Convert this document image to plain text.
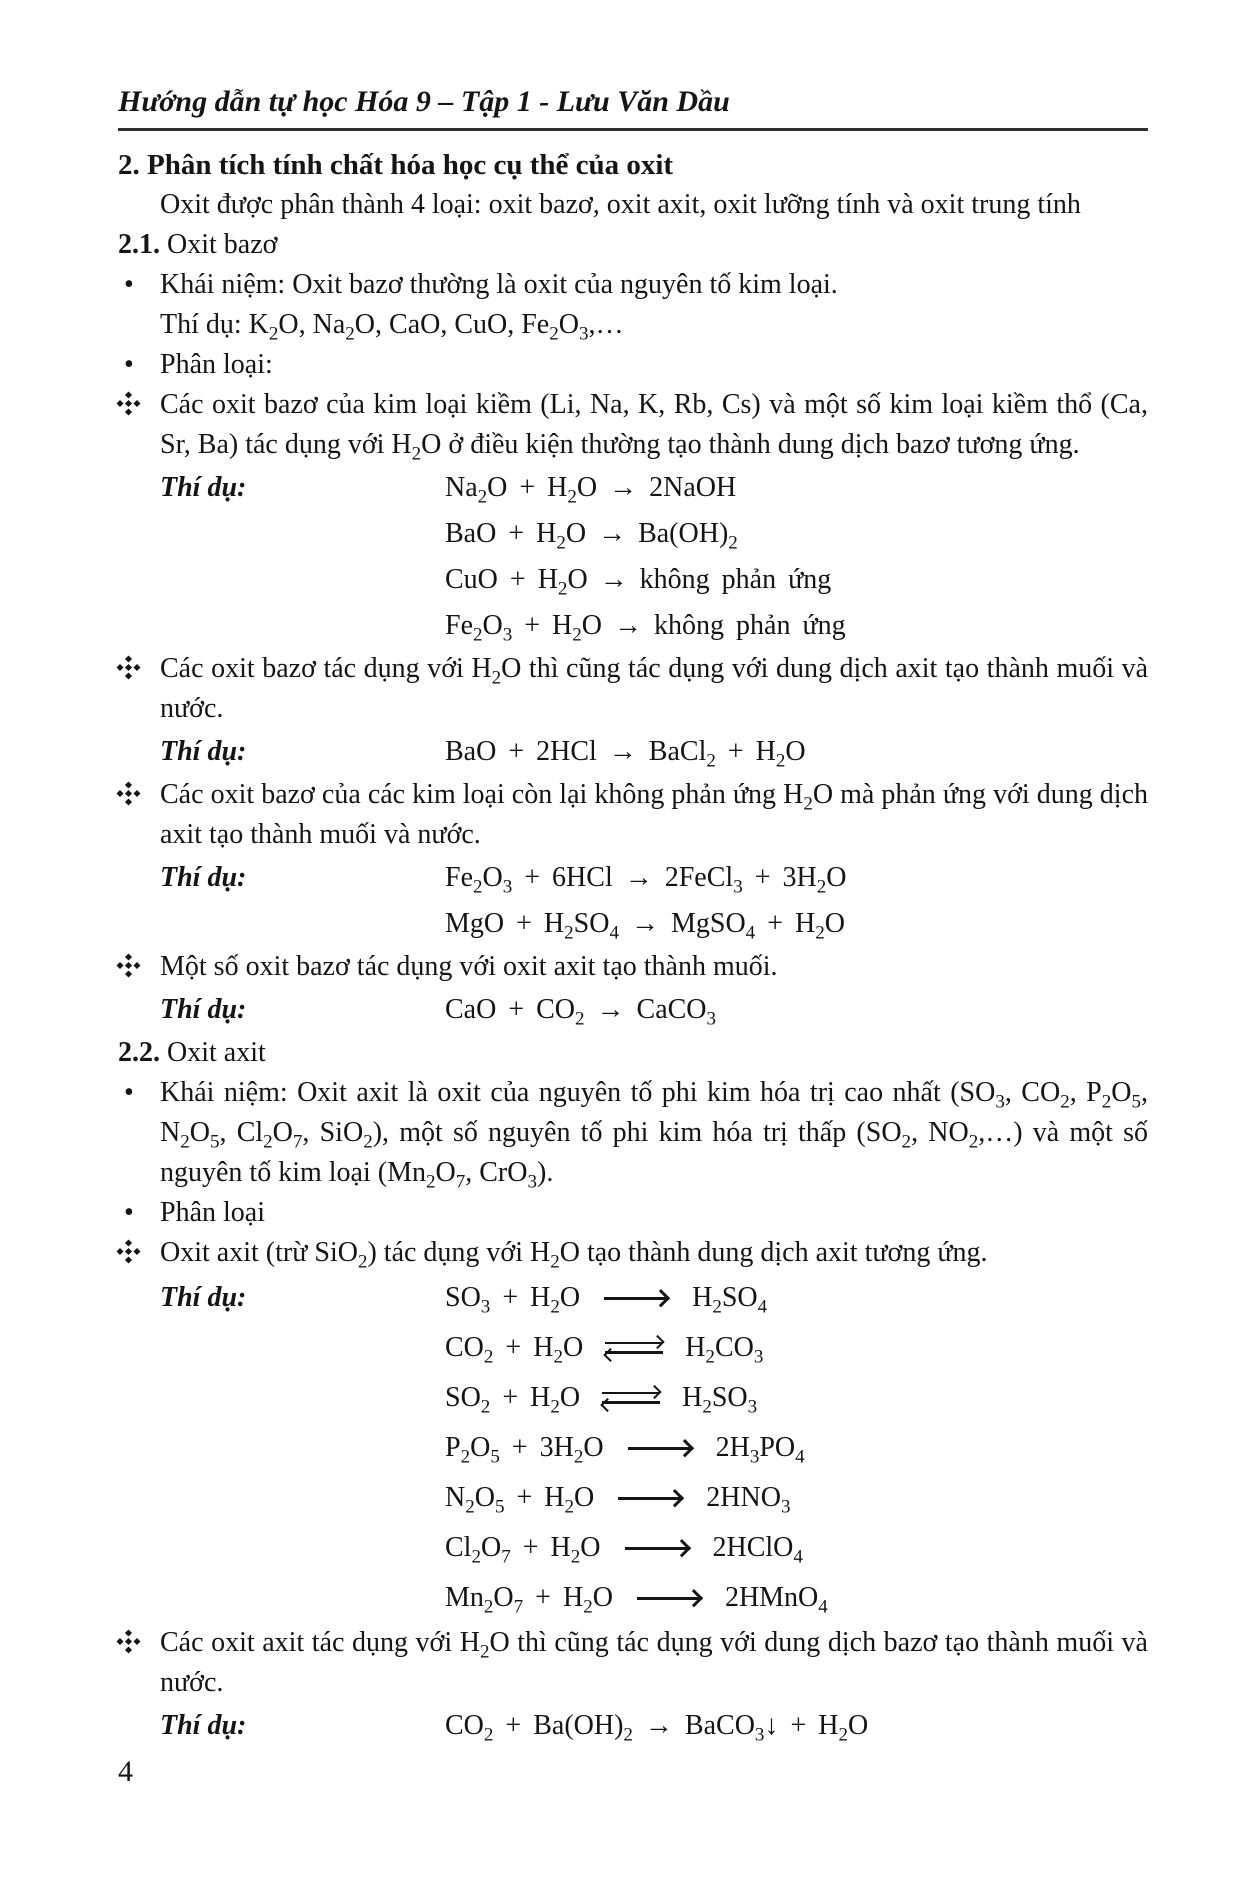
Hướng dẫn tự học Hóa 9 – Tập 1 - Lưu Văn Dầu
2. Phân tích tính chất hóa học cụ thể của oxit

Oxit được phân thành 4 loại: oxit bazơ, oxit axit, oxit lưỡng tính và oxit trung tính

2.1. Oxit bazơ

• Khái niệm: Oxit bazơ thường là oxit của nguyên tố kim loại.
Thí dụ: $K_2O$, $Na_2O$, CaO, CuO, $Fe_2O_3,\dots$
• Phân loại:
Các oxit bazơ của kim loại kiềm (Li, Na, K, Rb, Cs) và một số kim loại kiềm thổ (Ca, Sr, Ba) tác dụng với $H_2O$ ở điều kiện thường tạo thành dung dịch bazơ tương ứng.
Thí dụ:	$Na_2O + H_2O$ → 2NaOH
BaO + $H_2O \to Ba(OH)_2$
CuO + $H_2O$ → không phản ứng
$Fe_2O_3 + H_2O$ → không phản ứng
Các oxit bazơ tác dụng với $H_2O$ thì cũng tác dụng với dung dịch axit tạo thành muối và nước.
Thí dụ:	BaO + 2HCl → BaCl$_2$ + $H_2O$
Các oxit bazơ của các kim loại còn lại không phản ứng $H_2O$ mà phản ứng với dung dịch axit tạo thành muối và nước.
Thí dụ:	$Fe_2O_3 + 6HCl$ → 2FeCl$_3$ + $3H_2O$
MgO + $H_2SO_4$ → MgSO$_4$ + $H_2O$
Một số oxit bazơ tác dụng với oxit axit tạo thành muối.
Thí dụ:	CaO + $CO_2$ → CaCO$_3$

2.2. Oxit axit

• Khái niệm: Oxit axit là oxit của nguyên tố phi kim hóa trị cao nhất ($SO_3$, $CO_2$, $P_2O_5$, $N_2O_5$, $Cl_2O_7$, SiO$_2$), một số nguyên tố phi kim hóa trị thấp ($SO_2$, $NO_2,\dots$) và một số nguyên tố kim loại ($Mn_2O_7$, CrO$_3$).
• Phân loại
Oxit axit (trừ SiO$_2$) tác dụng với $H_2O$ tạo thành dung dịch axit tương ứng.
Thí dụ:	$SO_3 + H_2O$	$H_2SO_4$
$CO_2 + H_2O$	$H_2CO_3$
$SO_2 + H_2O$	$H_2SO_3$
$P_2O_5 + 3H_2O$	$2H_3PO_4$
$N_2O_5 + H_2O$	$2HNO_3$
$Cl_2O_7 + H_2O$	2HClO$_4$
$Mn_2O_7 + H_2O$	2HMnO$_4$
Các oxit axit tác dụng với $H_2O$ thì cũng tác dụng với dung dịch bazơ tạo thành muối và nước.
Thí dụ:	$CO_2 + Ba(OH)_2$ → BaCO$_3$↓ + $H_2O$
4
